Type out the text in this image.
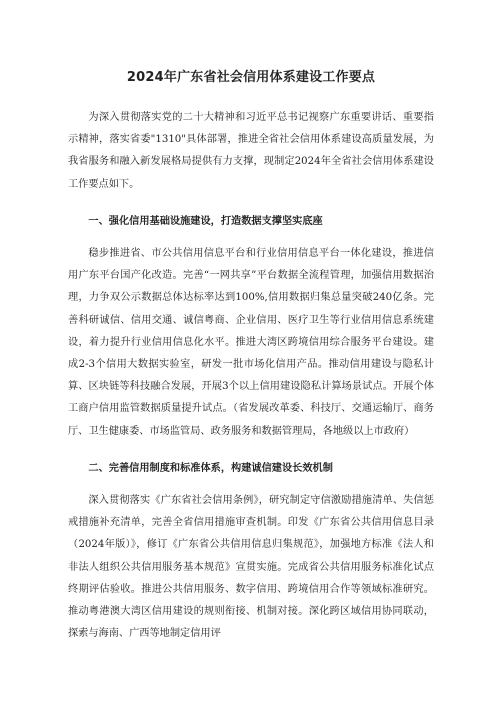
2024年广东省社会信用体系建设工作要点

为深入贯彻落实党的二十大精神和习近平总书记视察广东重要讲话、重要指示精神，落实省委"1310"具体部署，推进全省社会信用体系建设高质量发展，为我省服务和融入新发展格局提供有力支撑，现制定2024年全省社会信用体系建设工作要点如下。

一、强化信用基础设施建设，打造数据支撑坚实底座

稳步推进省、市公共信用信息平台和行业信用信息平台一体化建设，推进信用广东平台国产化改造。完善“一网共享”平台数据全流程管理，加强信用数据治理，力争双公示数据总体达标率达到100%,信用数据归集总量突破240亿条。完善科研诚信、信用交通、诚信粤商、企业信用、医疗卫生等行业信用信息系统建设，着力提升行业信用信息化水平。推进大湾区跨境信用综合服务平台建设。建成2-3个信用大数据实验室，研发一批市场化信用产品。推动信用建设与隐私计算、区块链等科技融合发展，开展3个以上信用建设隐私计算场景试点。开展个体工商户信用监管数据质量提升试点。（省发展改革委、科技厅、交通运输厅、商务厅、卫生健康委、市场监管局、政务服务和数据管理局，各地级以上市政府）

二、完善信用制度和标准体系，构建诚信建设长效机制

深入贯彻落实《广东省社会信用条例》，研究制定守信激励措施清单、失信惩戒措施补充清单，完善全省信用措施审查机制。印发《广东省公共信用信息目录（2024年版）》，修订《广东省公共信用信息归集规范》，加强地方标准《法人和非法人组织公共信用服务基本规范》宣贯实施。完成省公共信用服务标准化试点终期评估验收。推进公共信用服务、数字信用、跨境信用合作等领域标准研究。推动粤港澳大湾区信用建设的规则衔接、机制对接。深化跨区域信用协同联动，探索与海南、广西等地制定信用评
